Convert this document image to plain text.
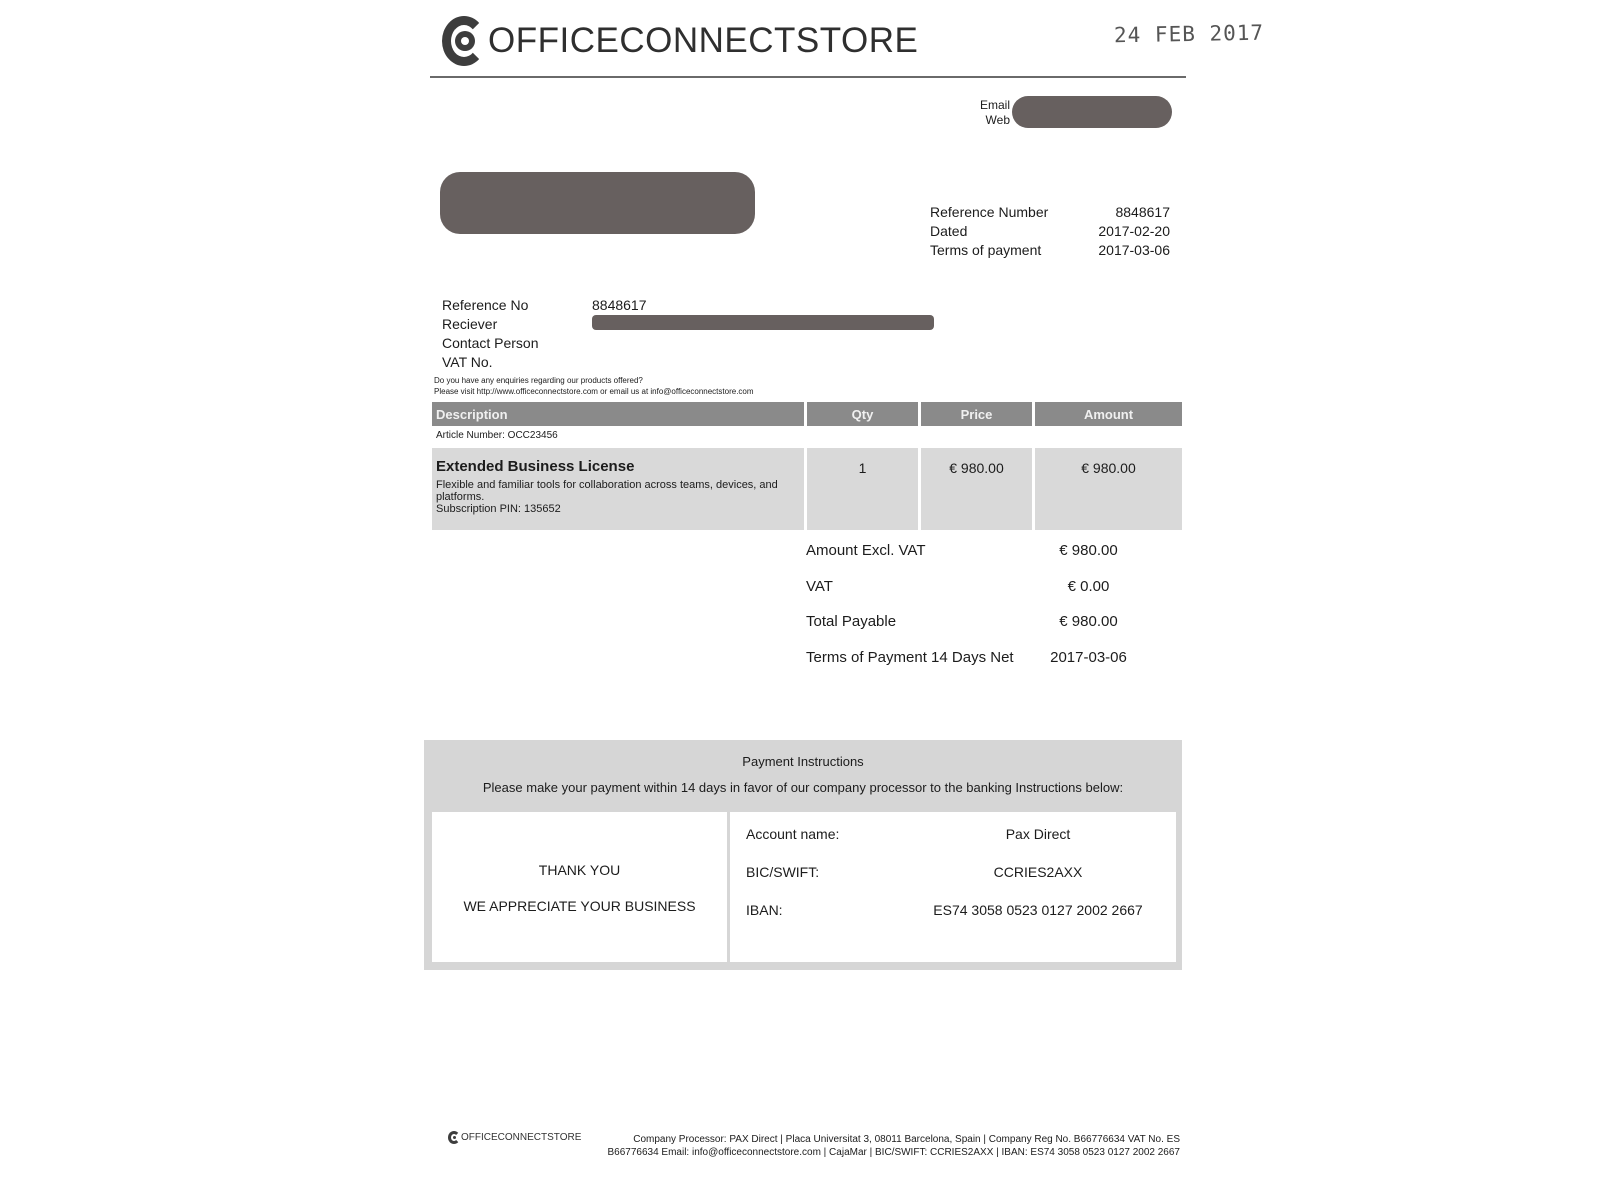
OFFICECONNECTSTORE	24 FEB 2017
Email
Web
Reference Number	8848617
Dated	2017-02-20
Terms of payment	2017-03-06
Reference No	8848617
Reciever
Contact Person
VAT No.
Do you have any enquiries regarding our products offered?
Please visit http://www.officeconnectstore.com or email us at info@officeconnectstore.com
Description	Qty	Price	Amount
Article Number: OCC23456
Extended Business License
Flexible and familiar tools for collaboration across teams, devices, and platforms.
Subscription PIN: 135652
1	€ 980.00	€ 980.00
Amount Excl. VAT	€ 980.00
VAT	€ 0.00
Total Payable	€ 980.00
Terms of Payment 14 Days Net	2017-03-06
Payment Instructions
Please make your payment within 14 days in favor of our company processor to the banking Instructions below:
THANK YOU
WE APPRECIATE YOUR BUSINESS
Account name:	Pax Direct
BIC/SWIFT:	CCRIES2AXX
IBAN:	ES74 3058 0523 0127 2002 2667
OFFICECONNECTSTORE	Company Processor: PAX Direct | Placa Universitat 3, 08011 Barcelona, Spain | Company Reg No. B66776634 VAT No. ES
B66776634 Email: info@officeconnectstore.com | CajaMar | BIC/SWIFT: CCRIES2AXX | IBAN: ES74 3058 0523 0127 2002 2667
